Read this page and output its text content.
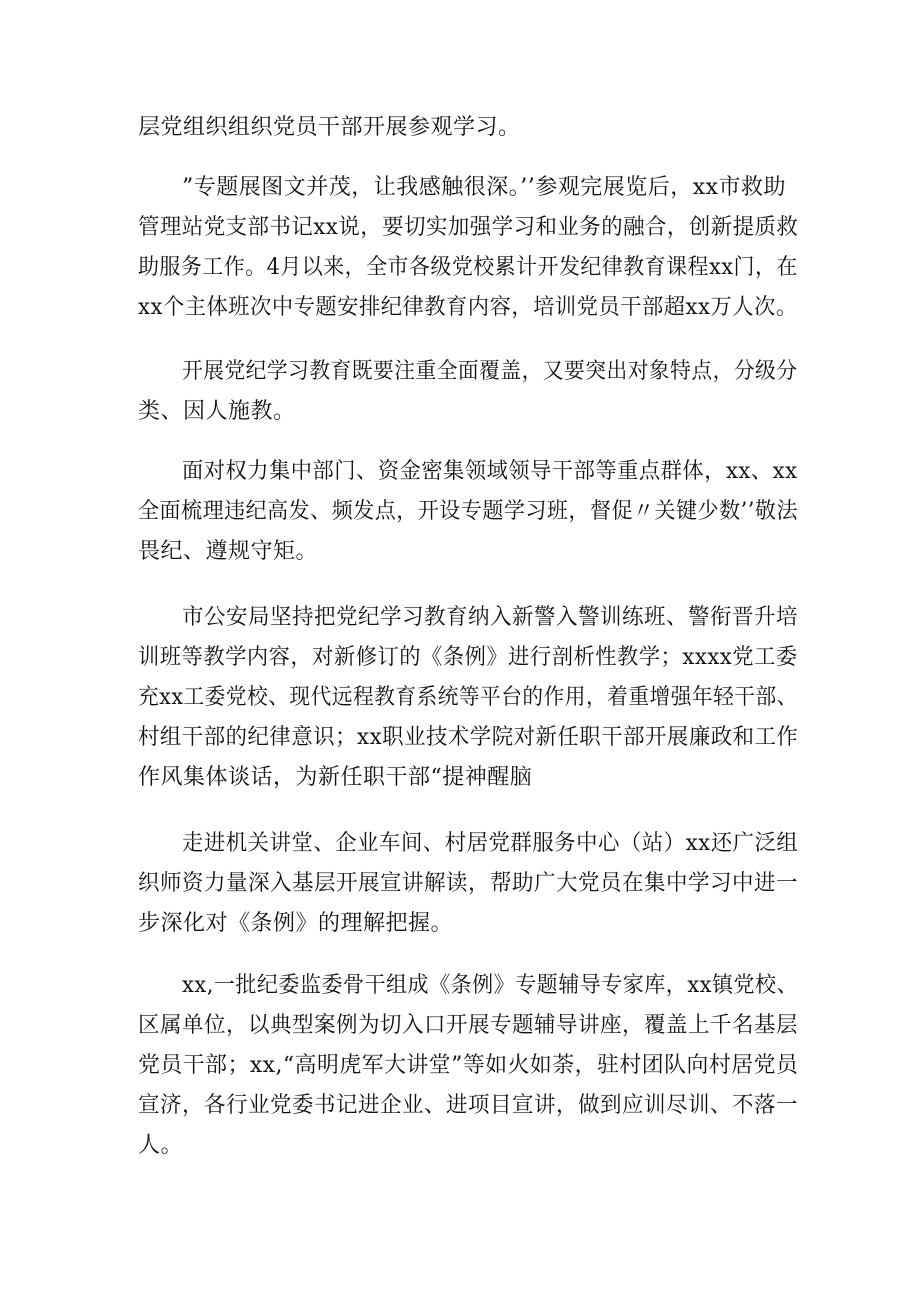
层党组织组织党员干部开展参观学习。

”专题展图文并茂，让我感触很深。’’参观完展览后，xx市救助

管理站党支部书记xx说，要切实加强学习和业务的融合，创新提质救
助服务工作。4月以来，全市各级党校累计开发纪律教育课程xx门，在
xx个主体班次中专题安排纪律教育内容，培训党员干部超xx万人次。

开展党纪学习教育既要注重全面覆盖，又要突出对象特点，分级分

类、因人施教。

面对权力集中部门、资金密集领域领导干部等重点群体，xx、xx

全面梳理违纪高发、频发点，开设专题学习班，督促〃关键少数’’敬法
畏纪、遵规守矩。

市公安局坚持把党纪学习教育纳入新警入警训练班、警衔晋升培

训班等教学内容，对新修订的《条例》进行剖析性教学；xxxx党工委
充xx工委党校、现代远程教育系统等平台的作用，着重增强年轻干部、
村组干部的纪律意识；xx职业技术学院对新任职干部开展廉政和工作
作风集体谈话，为新任职干部“提神醒脑

走进机关讲堂、企业车间、村居党群服务中心（站）xx还广泛组

织师资力量深入基层开展宣讲解读，帮助广大党员在集中学习中进一
步深化对《条例》的理解把握。

xx,一批纪委监委骨干组成《条例》专题辅导专家库，xx镇党校、

区属单位，以典型案例为切入口开展专题辅导讲座，覆盖上千名基层
党员干部；xx,“高明虎军大讲堂”等如火如荼，驻村团队向村居党员
宣济，各行业党委书记进企业、进项目宣讲，做到应训尽训、不落一
人。
